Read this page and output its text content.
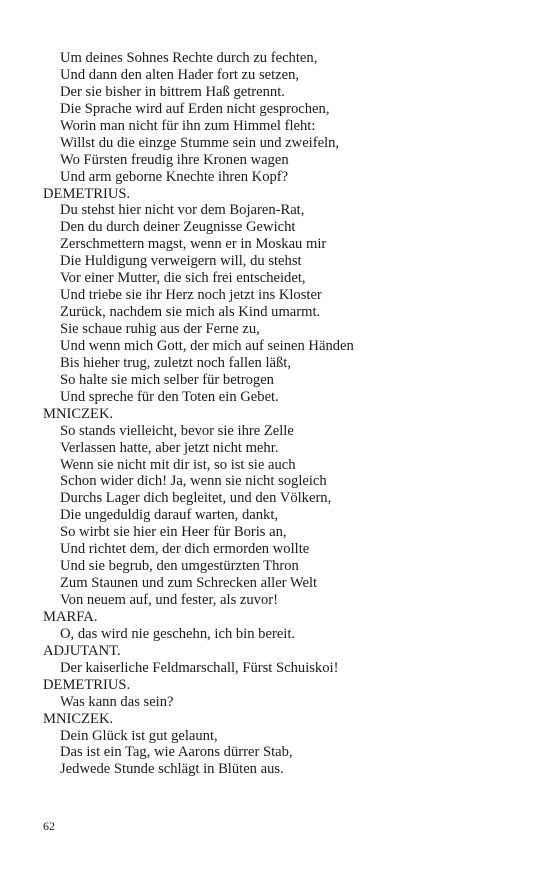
Um deines Sohnes Rechte durch zu fechten,
Und dann den alten Hader fort zu setzen,
Der sie bisher in bittrem Haß getrennt.
Die Sprache wird auf Erden nicht gesprochen,
Worin man nicht für ihn zum Himmel fleht:
Willst du die einzge Stumme sein und zweifeln,
Wo Fürsten freudig ihre Kronen wagen
Und arm geborne Knechte ihren Kopf?
DEMETRIUS.
Du stehst hier nicht vor dem Bojaren-Rat,
Den du durch deiner Zeugnisse Gewicht
Zerschmettern magst, wenn er in Moskau mir
Die Huldigung verweigern will, du stehst
Vor einer Mutter, die sich frei entscheidet,
Und triebe sie ihr Herz noch jetzt ins Kloster
Zurück, nachdem sie mich als Kind umarmt.
Sie schaue ruhig aus der Ferne zu,
Und wenn mich Gott, der mich auf seinen Händen
Bis hieher trug, zuletzt noch fallen läßt,
So halte sie mich selber für betrogen
Und spreche für den Toten ein Gebet.
MNICZEK.
So stands vielleicht, bevor sie ihre Zelle
Verlassen hatte, aber jetzt nicht mehr.
Wenn sie nicht mit dir ist, so ist sie auch
Schon wider dich! Ja, wenn sie nicht sogleich
Durchs Lager dich begleitet, und den Völkern,
Die ungeduldig darauf warten, dankt,
So wirbt sie hier ein Heer für Boris an,
Und richtet dem, der dich ermorden wollte
Und sie begrub, den umgestürzten Thron
Zum Staunen und zum Schrecken aller Welt
Von neuem auf, und fester, als zuvor!
MARFA.
O, das wird nie geschehn, ich bin bereit.
ADJUTANT.
Der kaiserliche Feldmarschall, Fürst Schuiskoi!
DEMETRIUS.
Was kann das sein?
MNICZEK.
Dein Glück ist gut gelaunt,
Das ist ein Tag, wie Aarons dürrer Stab,
Jedwede Stunde schlägt in Blüten aus.
62
